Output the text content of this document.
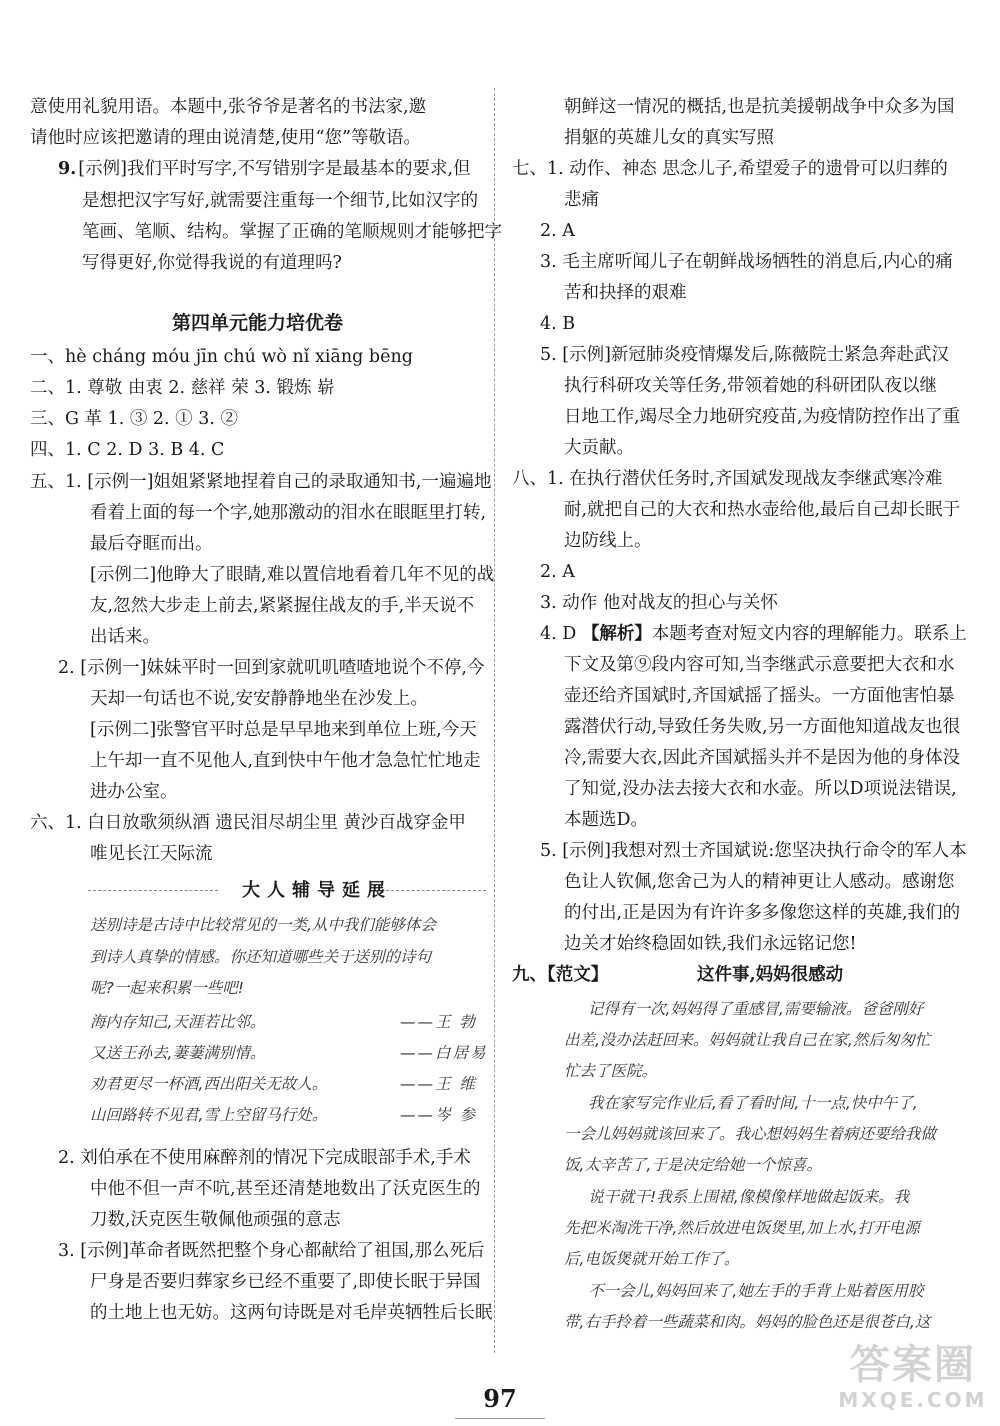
意使用礼貌用语。本题中,张爷爷是著名的书法家,邀
请他时应该把邀请的理由说清楚,使用“您”等敬语。
9. [示例]我们平时写字,不写错别字是最基本的要求,但
是想把汉字写好,就需要注重每一个细节,比如汉字的
笔画、笔顺、结构。掌握了正确的笔顺规则才能够把字
写得更好,你觉得我说的有道理吗?
第四单元能力培优卷
一、hè cháng móu jīn chú wò nǐ xiāng bēng
二、1. 尊敬 由衷 2. 慈祥 荣 3. 锻炼 崭
三、G 革 1. ③ 2. ① 3. ②
四、1. C 2. D 3. B 4. C
五、1. [示例一]姐姐紧紧地捏着自己的录取通知书,一遍遍地
看着上面的每一个字,她那激动的泪水在眼眶里打转,
最后夺眶而出。
[示例二]他睁大了眼睛,难以置信地看着几年不见的战
友,忽然大步走上前去,紧紧握住战友的手,半天说不
出话来。
2. [示例一]妹妹平时一回到家就叽叽喳喳地说个不停,今
天却一句话也不说,安安静静地坐在沙发上。
[示例二]张警官平时总是早早地来到单位上班,今天
上午却一直不见他人,直到快中午他才急急忙忙地走
进办公室。
六、1. 白日放歌须纵酒 遗民泪尽胡尘里 黄沙百战穿金甲
唯见长江天际流
大人辅导延展
送别诗是古诗中比较常见的一类,从中我们能够体会
到诗人真挚的情感。你还知道哪些关于送别的诗句
呢?一起来积累一些吧!
海内存知己,天涯若比邻。	——王 勃
又送王孙去,萋萋满别情。	——白居易
劝君更尽一杯酒,西出阳关无故人。	——王 维
山回路转不见君,雪上空留马行处。	——岑 参
2. 刘伯承在不使用麻醉剂的情况下完成眼部手术,手术
中他不但一声不吭,甚至还清楚地数出了沃克医生的
刀数,沃克医生敬佩他顽强的意志
3. [示例]革命者既然把整个身心都献给了祖国,那么死后
尸身是否要归葬家乡已经不重要了,即使长眠于异国
的土地上也无妨。这两句诗既是对毛岸英牺牲后长眠
朝鲜这一情况的概括,也是抗美援朝战争中众多为国
捐躯的英雄儿女的真实写照
七、1. 动作、神态 思念儿子,希望爱子的遗骨可以归葬的
悲痛
2. A
3. 毛主席听闻儿子在朝鲜战场牺牲的消息后,内心的痛
苦和抉择的艰难
4. B
5. [示例]新冠肺炎疫情爆发后,陈薇院士紧急奔赴武汉
执行科研攻关等任务,带领着她的科研团队夜以继
日地工作,竭尽全力地研究疫苗,为疫情防控作出了重
大贡献。
八、1. 在执行潜伏任务时,齐国斌发现战友李继武寒冷难
耐,就把自己的大衣和热水壶给他,最后自己却长眠于
边防线上。
2. A
3. 动作 他对战友的担心与关怀
4. D 【解析】本题考查对短文内容的理解能力。联系上
下文及第⑨段内容可知,当李继武示意要把大衣和水
壶还给齐国斌时,齐国斌摇了摇头。一方面他害怕暴
露潜伏行动,导致任务失败,另一方面他知道战友也很
冷,需要大衣,因此齐国斌摇头并不是因为他的身体没
了知觉,没办法去接大衣和水壶。所以D项说法错误,
本题选D。
5. [示例]我想对烈士齐国斌说:您坚决执行命令的军人本
色让人钦佩,您舍己为人的精神更让人感动。感谢您
的付出,正是因为有许许多多像您这样的英雄,我们的
边关才始终稳固如铁,我们永远铭记您!
九、【范文】	这件事,妈妈很感动
记得有一次,妈妈得了重感冒,需要输液。爸爸刚好
出差,没办法赶回来。妈妈就让我自己在家,然后匆匆忙
忙去了医院。
我在家写完作业后,看了看时间,十一点,快中午了,
一会儿妈妈就该回来了。我心想妈妈生着病还要给我做
饭,太辛苦了,于是决定给她一个惊喜。
说干就干!我系上围裙,像模像样地做起饭来。我
先把米淘洗干净,然后放进电饭煲里,加上水,打开电源
后,电饭煲就开始工作了。
不一会儿,妈妈回来了,她左手的手背上贴着医用胶
带,右手拎着一些蔬菜和肉。妈妈的脸色还是很苍白,这
97
答案圈
MXQE.COM
